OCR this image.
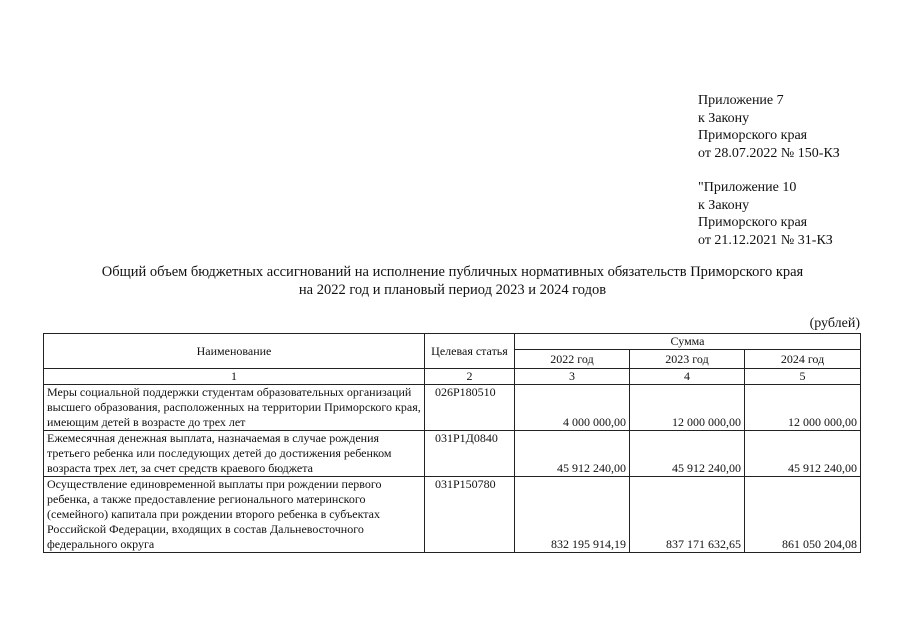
Приложение 7
к Закону
Приморского края
от 28.07.2022 № 150-КЗ
"Приложение 10
к Закону
Приморского края
от 21.12.2021 № 31-КЗ
Общий объем бюджетных ассигнований на исполнение публичных нормативных обязательств Приморского края
на 2022 год и плановый период 2023 и 2024 годов
(рублей)
Наименование	Целевая статья	Сумма		
		2022 год	2023 год	2024 год
1	2	3	4	5
Меры социальной поддержки студентам образовательных организаций высшего образования, расположенных на территории Приморского края, имеющим детей в возрасте до трех лет	026Р180510	4 000 000,00	12 000 000,00	12 000 000,00
Ежемесячная денежная выплата, назначаемая в случае рождения третьего ребенка или последующих детей до достижения ребенком возраста трех лет, за счет средств краевого бюджета	031Р1Д0840	45 912 240,00	45 912 240,00	45 912 240,00
Осуществление единовременной выплаты при рождении первого ребенка, а также предоставление регионального материнского (семейного) капитала при рождении второго ребенка в субъектах Российской Федерации, входящих в состав Дальневосточного федерального округа	031Р150780	832 195 914,19	837 171 632,65	861 050 204,08
